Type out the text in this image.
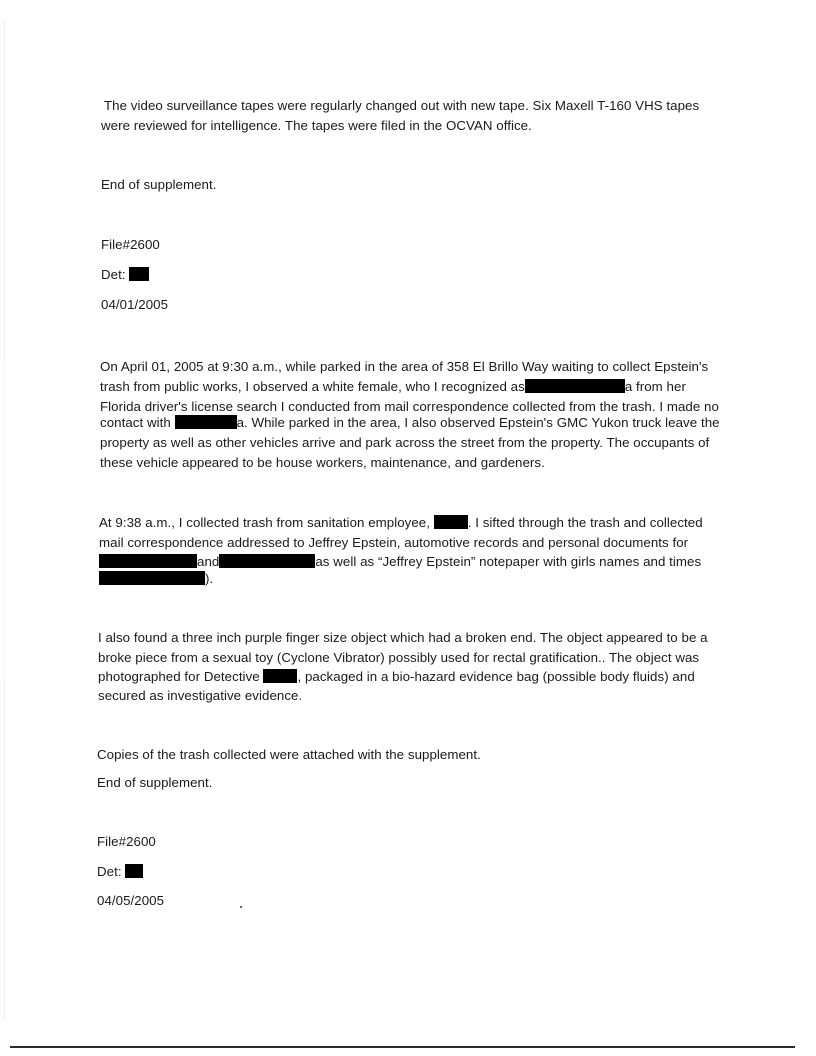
The video surveillance tapes were regularly changed out with new tape. Six Maxell T-160 VHS tapes
were reviewed for intelligence. The tapes were filed in the OCVAN office.
End of supplement.
File#2600
Det:
04/01/2005
On April 01, 2005 at 9:30 a.m., while parked in the area of 358 El Brillo Way waiting to collect Epstein's
trash from public works, I observed a white female, who I recognized as	a from her
Florida driver's license search I conducted from mail correspondence collected from the trash. I made no
contact with	a. While parked in the area, I also observed Epstein's GMC Yukon truck leave the
property as well as other vehicles arrive and park across the street from the property. The occupants of
these vehicle appeared to be house workers, maintenance, and gardeners.
At 9:38 a.m., I collected trash from sanitation employee,	. I sifted through the trash and collected
mail correspondence addressed to Jeffrey Epstein, automotive records and personal documents for
and	as well as “Jeffrey Epstein” notepaper with girls names and times
).
I also found a three inch purple finger size object which had a broken end. The object appeared to be a
broke piece from a sexual toy (Cyclone Vibrator) possibly used for rectal gratification.. The object was
photographed for Detective	, packaged in a bio-hazard evidence bag (possible body fluids) and
secured as investigative evidence.
Copies of the trash collected were attached with the supplement.
End of supplement.
File#2600
Det:
04/05/2005
